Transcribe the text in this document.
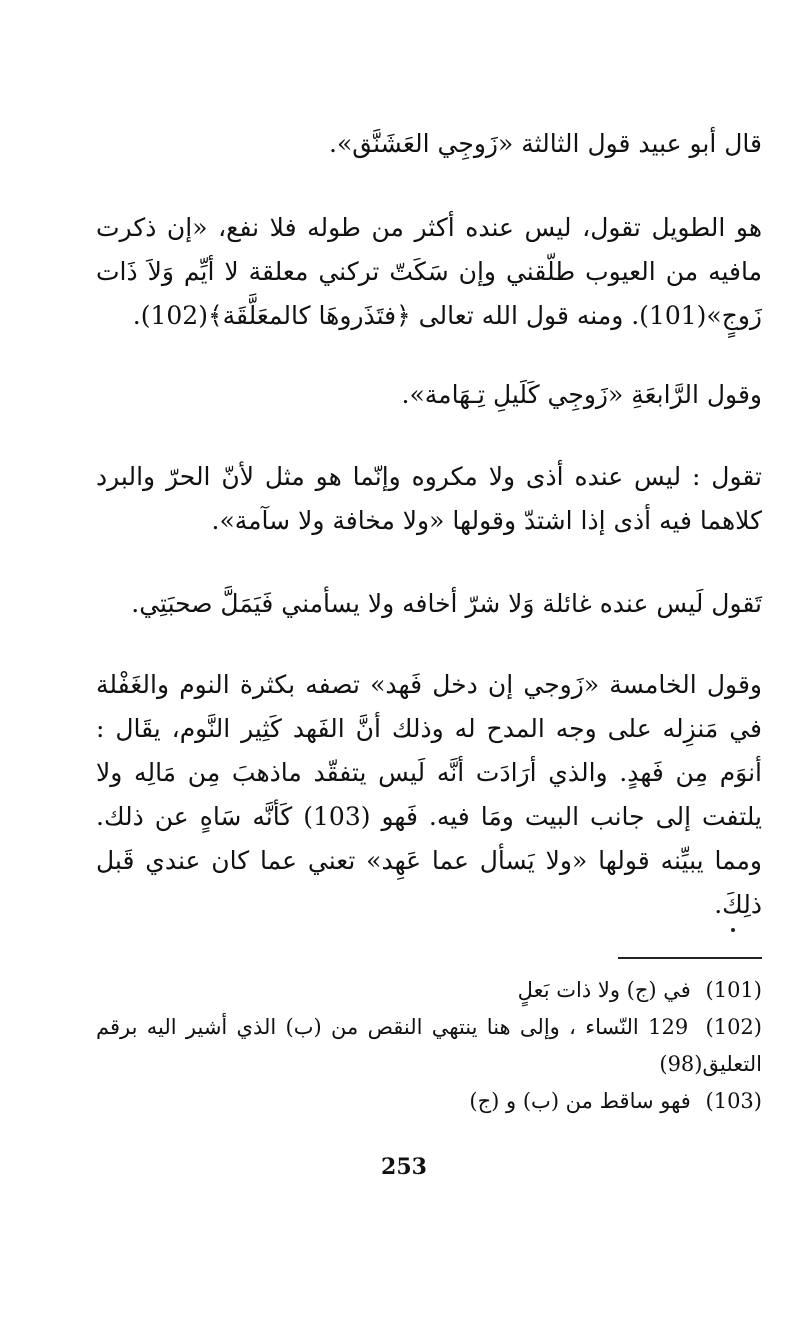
قال أبو عبيد قول الثالثة «زَوجِي العَشَنَّق».

هو الطويل تقول، ليس عنده أكثر من طوله فلا نفع، «إن ذكرت مافيه من العيوب طلّقني وإن سَكَتّ تركني معلقة لا أيِّم وَلاَ ذَات زَوجٍ»(101). ومنه قول الله تعالى ﴿فتَذَروهَا كالمعَلَّقَة﴾(102).

وقول الرَّابعَةِ «زَوجِي كَلَيلِ تِـهَامة».

تقول : ليس عنده أذى ولا مكروه وإنّما هو مثل لأنّ الحرّ والبرد كلاهما فيه أذى إذا اشتدّ وقولها «ولا مخافة ولا سآمة».

تَقول لَيس عنده غائلة وَلا شرّ أخافه ولا يسأمني فَيَمَلَّ صحبَتِي.

وقول الخامسة «زَوجي إن دخل فَهد» تصفه بكثرة النوم والغَفْلة في مَنزِله على وجه المدح له وذلك أنَّ الفَهد كَثِير النَّوم، يقَال : أنوَم مِن فَهدٍ. والذي أرَادَت أنَّه لَيس يتفقّد ماذهبَ مِن مَالِه ولا يلتفت إلى جانب البيت ومَا فيه. فَهو (103) كَأنَّه سَاهٍ عن ذلك. ومما يبيِّنه قولها «ولا يَسأل عما عَهِد» تعني عما كان عندي قَبل ذلِكَ.

(101) في (ج) ولا ذات بَعلٍ
(102) 129 النّساء ، وإلى هنا ينتهي النقص من (ب) الذي أشير اليه برقم التعليق(98)
(103) فهو ساقط من (ب) و (ج)
253
